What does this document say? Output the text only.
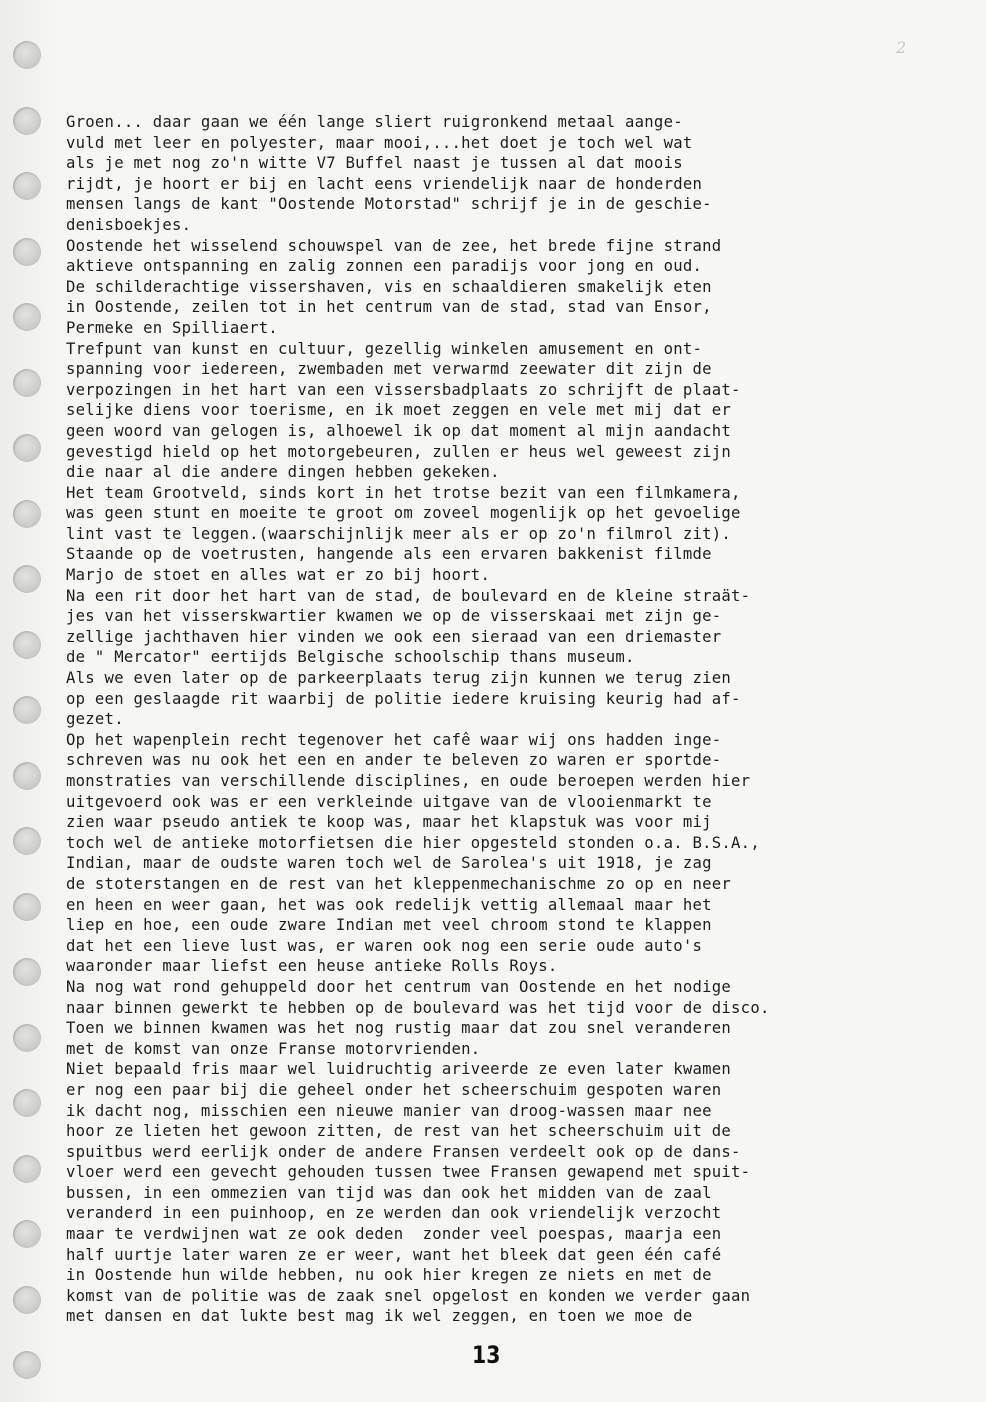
2
Groen... daar gaan we één lange sliert ruigronkend metaal aange-
vuld met leer en polyester, maar mooi,...het doet je toch wel wat
als je met nog zo'n witte V7 Buffel naast je tussen al dat moois
rijdt, je hoort er bij en lacht eens vriendelijk naar de honderden
mensen langs de kant "Oostende Motorstad" schrijf je in de geschie-
denisboekjes.
Oostende het wisselend schouwspel van de zee, het brede fijne strand
aktieve ontspanning en zalig zonnen een paradijs voor jong en oud.
De schilderachtige vissershaven, vis en schaaldieren smakelijk eten
in Oostende, zeilen tot in het centrum van de stad, stad van Ensor,
Permeke en Spilliaert.
Trefpunt van kunst en cultuur, gezellig winkelen amusement en ont-
spanning voor iedereen, zwembaden met verwarmd zeewater dit zijn de
verpozingen in het hart van een vissersbadplaats zo schrijft de plaat-
selijke diens voor toerisme, en ik moet zeggen en vele met mij dat er
geen woord van gelogen is, alhoewel ik op dat moment al mijn aandacht
gevestigd hield op het motorgebeuren, zullen er heus wel geweest zijn
die naar al die andere dingen hebben gekeken.
Het team Grootveld, sinds kort in het trotse bezit van een filmkamera,
was geen stunt en moeite te groot om zoveel mogenlijk op het gevoelige
lint vast te leggen.(waarschijnlijk meer als er op zo'n filmrol zit).
Staande op de voetrusten, hangende als een ervaren bakkenist filmde
Marjo de stoet en alles wat er zo bij hoort.
Na een rit door het hart van de stad, de boulevard en de kleine straät-
jes van het visserskwartier kwamen we op de visserskaai met zijn ge-
zellige jachthaven hier vinden we ook een sieraad van een driemaster
de " Mercator" eertijds Belgische schoolschip thans museum.
Als we even later op de parkeerplaats terug zijn kunnen we terug zien
op een geslaagde rit waarbij de politie iedere kruising keurig had af-
gezet.
Op het wapenplein recht tegenover het cafê waar wij ons hadden inge-
schreven was nu ook het een en ander te beleven zo waren er sportde-
monstraties van verschillende disciplines, en oude beroepen werden hier
uitgevoerd ook was er een verkleinde uitgave van de vlooienmarkt te
zien waar pseudo antiek te koop was, maar het klapstuk was voor mij
toch wel de antieke motorfietsen die hier opgesteld stonden o.a. B.S.A.,
Indian, maar de oudste waren toch wel de Sarolea's uit 1918, je zag
de stoterstangen en de rest van het kleppenmechanischme zo op en neer
en heen en weer gaan, het was ook redelijk vettig allemaal maar het
liep en hoe, een oude zware Indian met veel chroom stond te klappen
dat het een lieve lust was, er waren ook nog een serie oude auto's
waaronder maar liefst een heuse antieke Rolls Roys.
Na nog wat rond gehuppeld door het centrum van Oostende en het nodige
naar binnen gewerkt te hebben op de boulevard was het tijd voor de disco.
Toen we binnen kwamen was het nog rustig maar dat zou snel veranderen
met de komst van onze Franse motorvrienden.
Niet bepaald fris maar wel luidruchtig ariveerde ze even later kwamen
er nog een paar bij die geheel onder het scheerschuim gespoten waren
ik dacht nog, misschien een nieuwe manier van droog-wassen maar nee
hoor ze lieten het gewoon zitten, de rest van het scheerschuim uit de
spuitbus werd eerlijk onder de andere Fransen verdeelt ook op de dans-
vloer werd een gevecht gehouden tussen twee Fransen gewapend met spuit-
bussen, in een ommezien van tijd was dan ook het midden van de zaal
veranderd in een puinhoop, en ze werden dan ook vriendelijk verzocht
maar te verdwijnen wat ze ook deden  zonder veel poespas, maarja een
half uurtje later waren ze er weer, want het bleek dat geen één café
in Oostende hun wilde hebben, nu ook hier kregen ze niets en met de
komst van de politie was de zaak snel opgelost en konden we verder gaan
met dansen en dat lukte best mag ik wel zeggen, en toen we moe de
13
